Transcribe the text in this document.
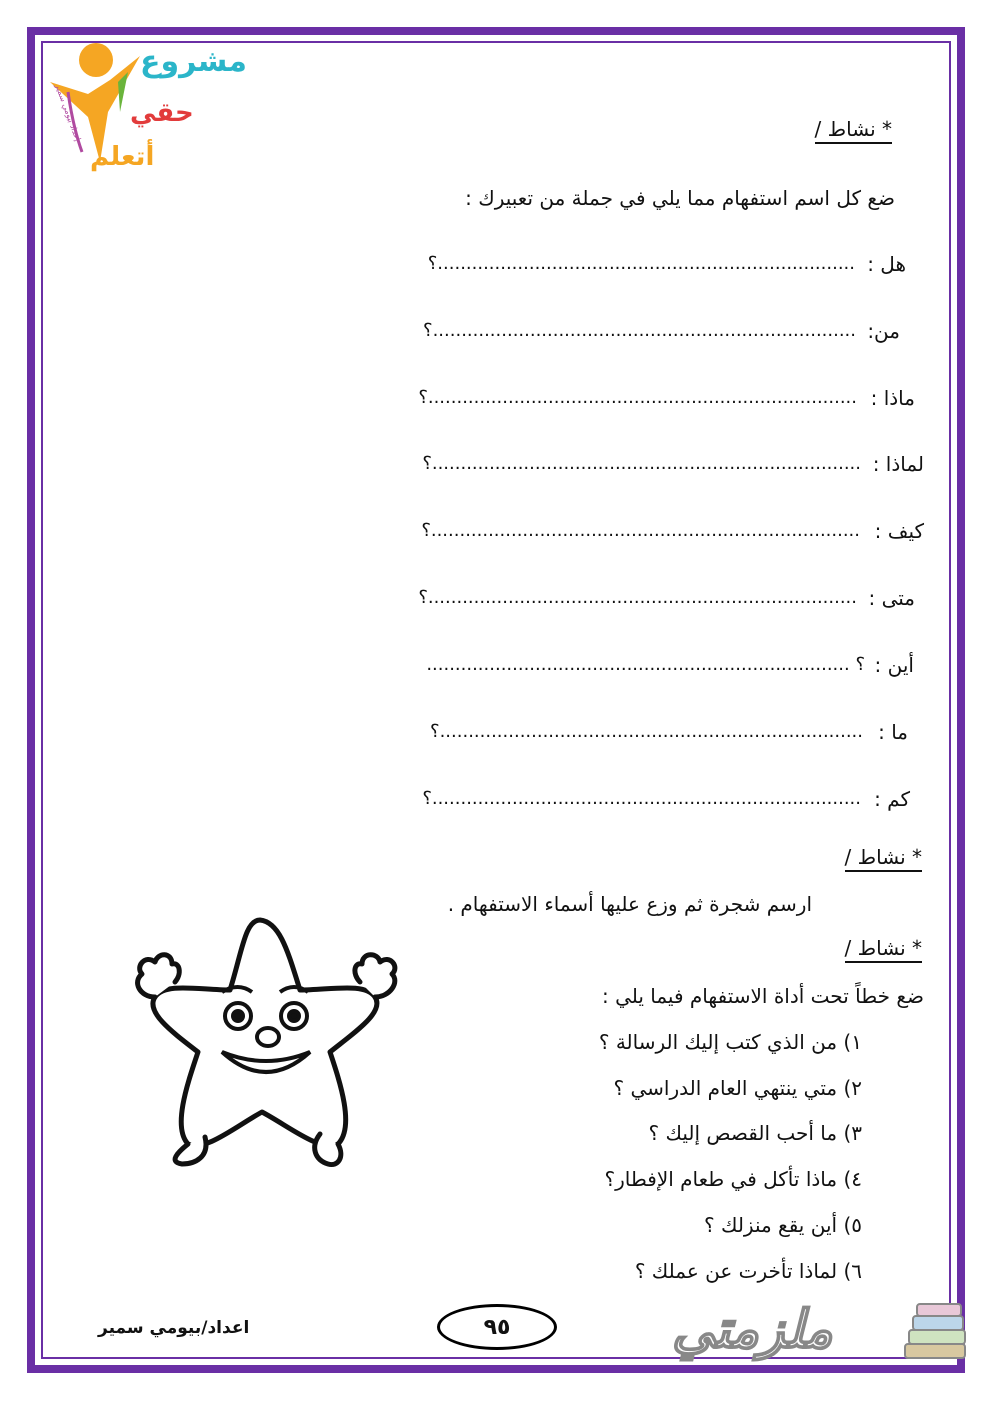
مشروع
حقي
أتعلم
إعداد بيومي سمير	* نشاط /
ضع كل اسم استفهام مما يلي في جملة من تعبيرك :
هل :
.........................................................................؟
من:
..........................................................................؟
ماذا :
...........................................................................؟
لماذا :
...........................................................................؟
كيف :
...........................................................................؟
متى :
...........................................................................؟
أين :
؟ ..........................................................................
ما :
..........................................................................؟
كم :
...........................................................................؟
* نشاط /
ارسم شجرة ثم وزع عليها أسماء الاستفهام .
* نشاط /
ضع خطاً تحت أداة الاستفهام فيما يلي :
١) من الذي كتب إليك الرسالة ؟
٢) متي ينتهي العام الدراسي ؟
٣) ما أحب القصص إليك ؟
٤) ماذا تأكل في طعام الإفطار؟
٥) أين يقع منزلك ؟
٦) لماذا تأخرت عن عملك ؟
٩٥
اعداد/بيومي سمير	ملزمتي
